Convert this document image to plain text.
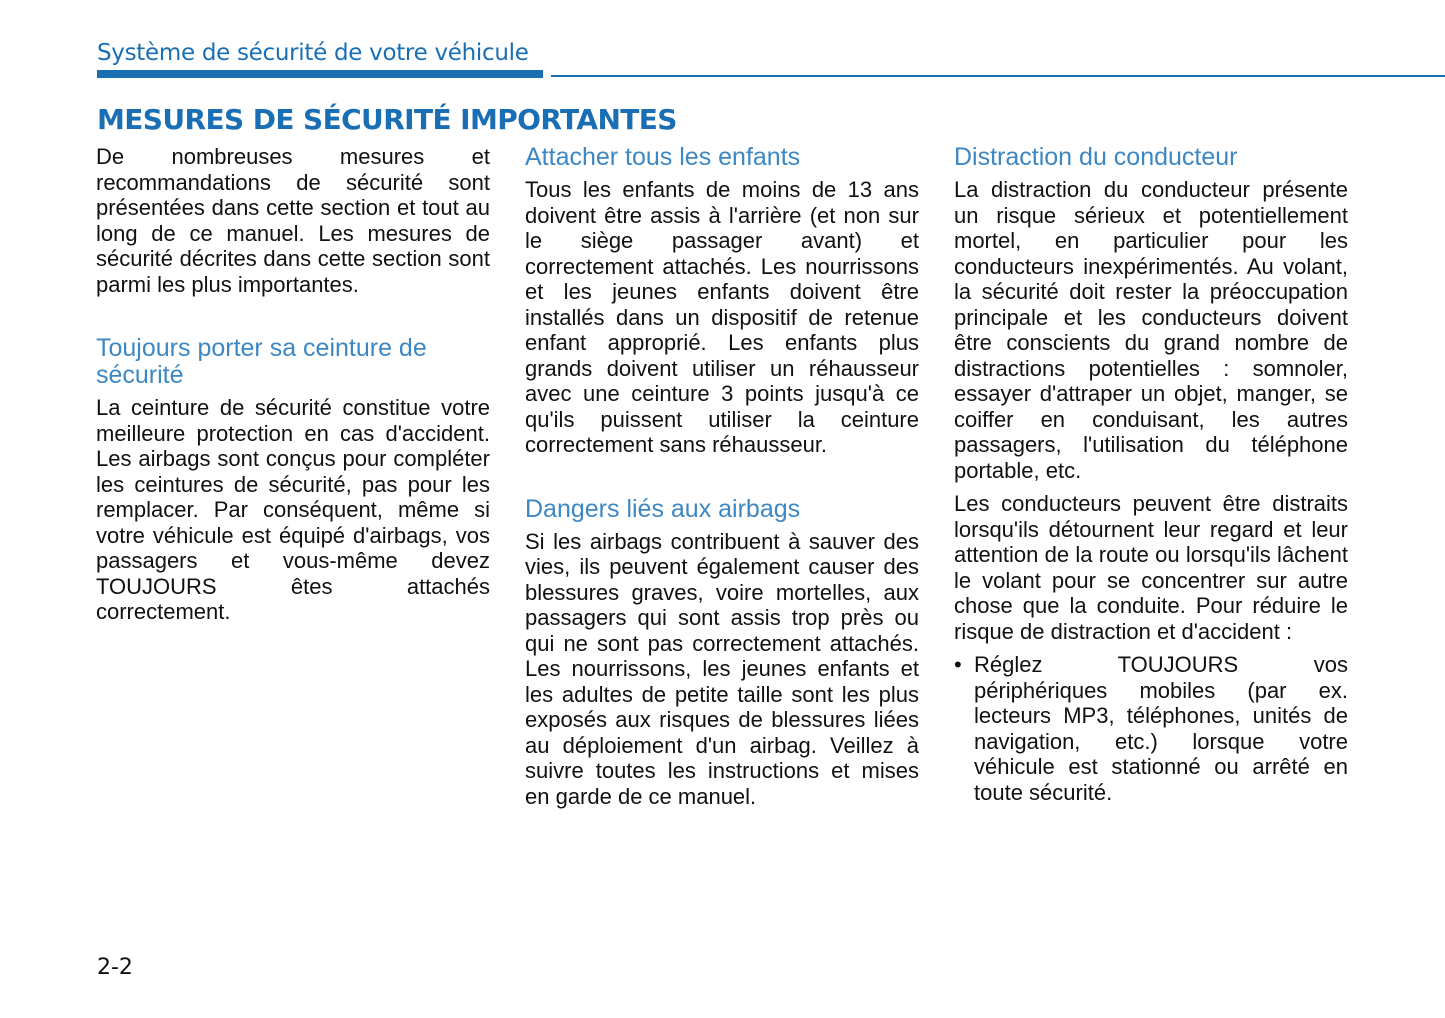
Système de sécurité de votre véhicule
MESURES DE SÉCURITÉ IMPORTANTES

De nombreuses mesures et recommandations de sécurité sont présentées dans cette section et tout au long de ce manuel. Les mesures de sécurité décrites dans cette section sont parmi les plus importantes.

Toujours porter sa ceinture de sécurité

La ceinture de sécurité constitue votre meilleure protection en cas d'accident. Les airbags sont conçus pour compléter les ceintures de sécurité, pas pour les remplacer. Par conséquent, même si votre véhicule est équipé d'airbags, vos passagers et vous-même devez TOUJOURS êtes attachés correctement.

Attacher tous les enfants

Tous les enfants de moins de 13 ans doivent être assis à l'arrière (et non sur le siège passager avant) et correctement attachés. Les nourrissons et les jeunes enfants doivent être installés dans un dispositif de retenue enfant approprié. Les enfants plus grands doivent utiliser un réhausseur avec une ceinture 3 points jusqu'à ce qu'ils puissent utiliser la ceinture correctement sans réhausseur.

Dangers liés aux airbags

Si les airbags contribuent à sauver des vies, ils peuvent également causer des blessures graves, voire mortelles, aux passagers qui sont assis trop près ou qui ne sont pas correctement attachés. Les nourrissons, les jeunes enfants et les adultes de petite taille sont les plus exposés aux risques de blessures liées au déploiement d'un airbag. Veillez à suivre toutes les instructions et mises en garde de ce manuel.

Distraction du conducteur

La distraction du conducteur présente un risque sérieux et potentiellement mortel, en particulier pour les conducteurs inexpérimentés. Au volant, la sécurité doit rester la préoccupation principale et les conducteurs doivent être conscients du grand nombre de distractions potentielles : somnoler, essayer d'attraper un objet, manger, se coiffer en conduisant, les autres passagers, l'utilisation du téléphone portable, etc.

Les conducteurs peuvent être distraits lorsqu'ils détournent leur regard et leur attention de la route ou lorsqu'ils lâchent le volant pour se concentrer sur autre chose que la conduite. Pour réduire le risque de distraction et d'accident :

• Réglez TOUJOURS vos périphériques mobiles (par ex. lecteurs MP3, téléphones, unités de navigation, etc.) lorsque votre véhicule est stationné ou arrêté en toute sécurité.
2-2
